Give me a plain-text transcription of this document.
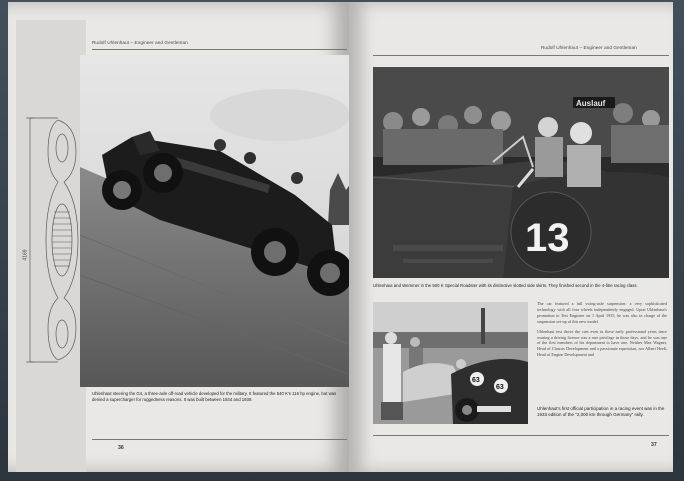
4169
Rudolf Uhlenhaut – Engineer and Gentleman
Uhlenhaut steering the G4, a three-axle off-road vehicle developed for the military. It featured the 540 K's 116 hp engine, but was denied a supercharger for ruggedness reasons. It was built between 1934 and 1939.
36
Rudolf Uhlenhaut – Engineer and Gentleman
Auslauf
13
Uhlenhaut and Wemmer in the 500 K Special Roadster with its distinctive slotted side skirts. They finished second in the 4-litre racing class.
63
63

The car featured a full swing-axle suspension: a very sophisticated technology with all four wheels independently engaged. Upon Uhlenhaut's promotion to Test Engineer on 1 April 1935, he was also in charge of the suspension set-up of this new model.

Uhlenhaut test drove the cars even in these early professional years since owning a driving licence was a rare privilege in those days, and he was one of the first members of his department to have one. Neither Max Wagner, Head of Chassis Development and a passionate equestrian, nor Albert Heeß, Head of Engine Development and

Uhlenhaut's first official participation in a racing event was in the 1933 edition of the "2,000 km through Germany" rally.
37
